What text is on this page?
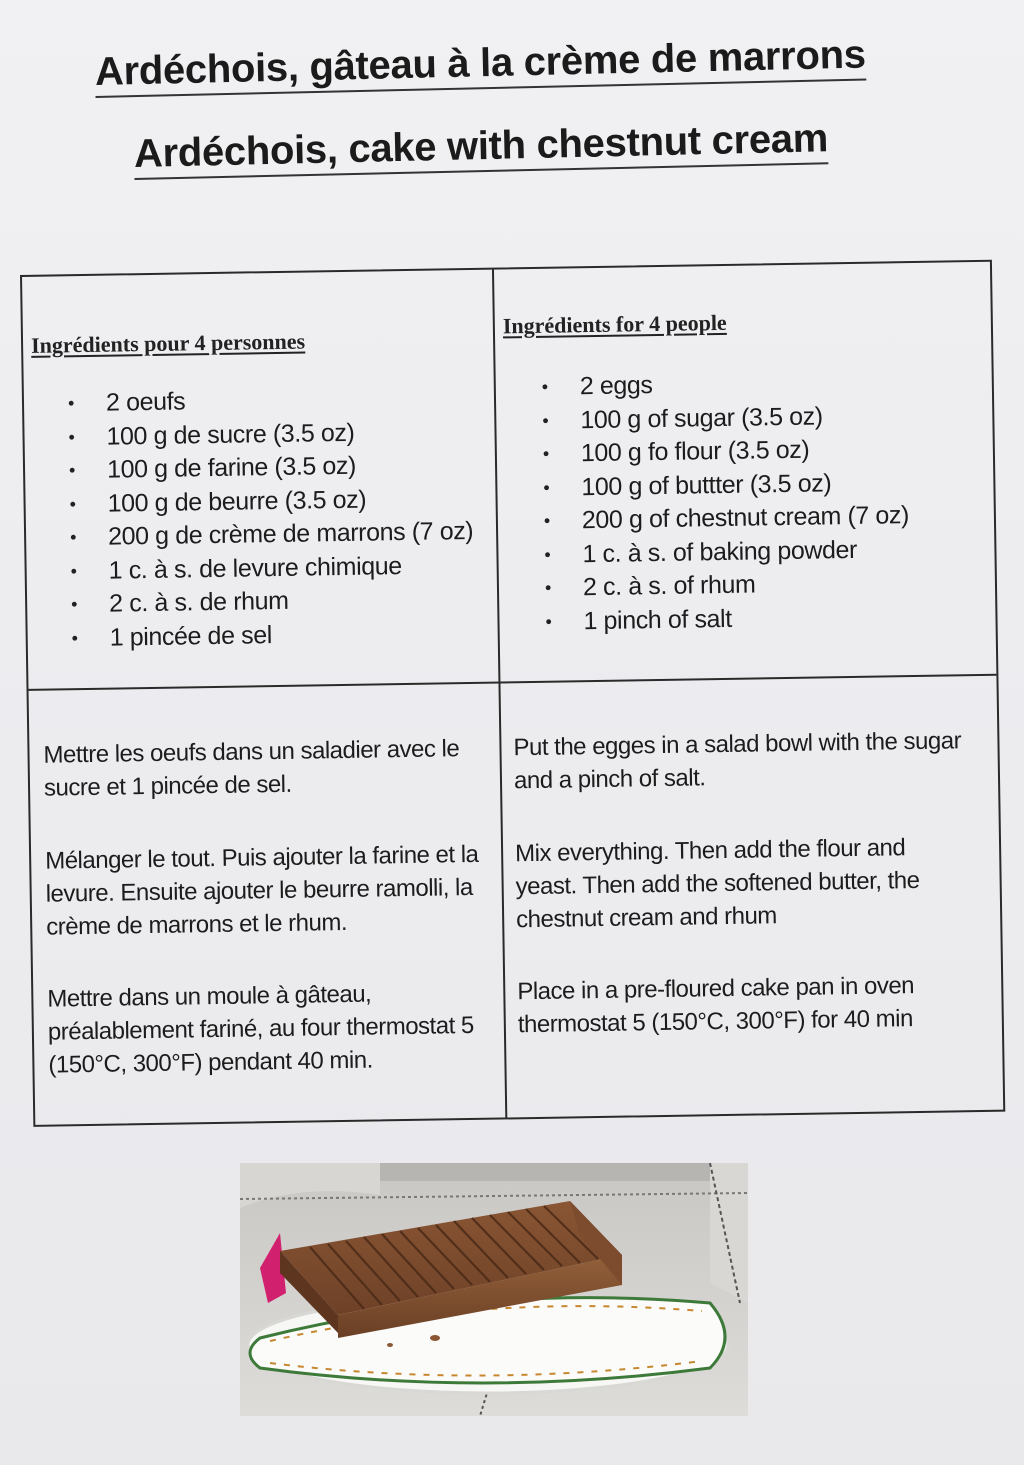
Ardéchois, gâteau à la crème de marrons
Ardéchois, cake with chestnut cream
Ingrédients pour 4 personnes
• 2 oeufs
• 100 g de sucre (3.5 oz)
• 100 g de farine (3.5 oz)
• 100 g de beurre (3.5 oz)
• 200 g de crème de marrons (7 oz)
• 1 c. à s. de levure chimique
• 2 c. à s. de rhum
• 1 pincée de sel
Ingrédients for 4 people
• 2 eggs
• 100 g of sugar (3.5 oz)
• 100 g fo flour (3.5 oz)
• 100 g of buttter (3.5 oz)
• 200 g of chestnut cream (7 oz)
• 1 c. à s. of baking powder
• 2 c. à s. of rhum
• 1 pinch of salt

Mettre les oeufs dans un saladier avec le sucre et 1 pincée de sel.

Mélanger le tout. Puis ajouter la farine et la levure. Ensuite ajouter le beurre ramolli, la crème de marrons et le rhum.

Mettre dans un moule à gâteau, préalablement fariné, au four thermostat 5 (150°C, 300°F) pendant 40 min.

Put the egges in a salad bowl with the sugar and a pinch of salt.

Mix everything. Then add the flour and yeast. Then add the softened butter, the chestnut cream and rhum

Place in a pre-floured cake pan in oven thermostat 5 (150°C, 300°F) for 40 min
